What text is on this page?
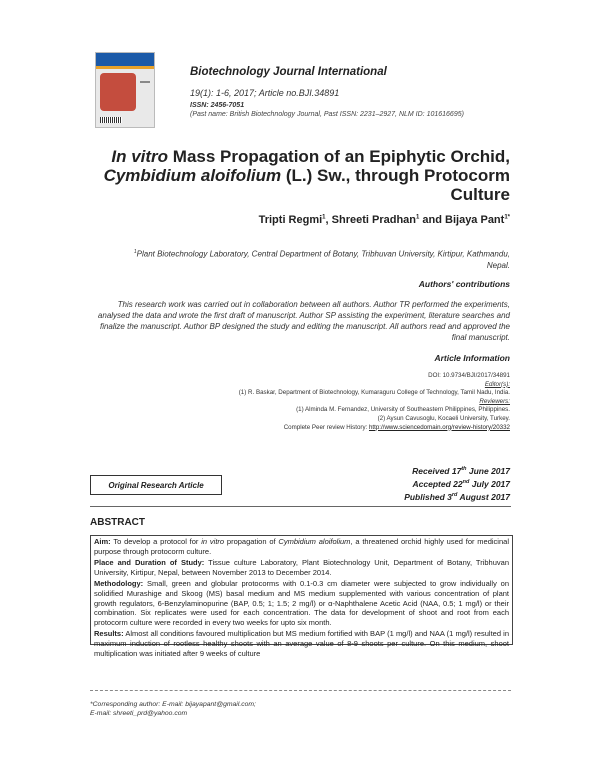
Biotechnology Journal International
19(1): 1-6, 2017; Article no.BJI.34891
ISSN: 2456-7051
(Past name: British Biotechnology Journal, Past ISSN: 2231–2927, NLM ID: 101616695)
In vitro Mass Propagation of an Epiphytic Orchid,
Cymbidium aloifolium (L.) Sw., through Protocorm
Culture
Tripti Regmi$^1$, Shreeti Pradhan$^1$ and Bijaya Pant$^{1*}$
$^1$Plant Biotechnology Laboratory, Central Department of Botany, Tribhuvan University, Kirtipur, Kathmandu, Nepal.
Authors' contributions
This research work was carried out in collaboration between all authors. Author TR performed the experiments, analysed the data and wrote the first draft of manuscript. Author SP assisting the experiment, literature searches and finalize the manuscript. Author BP designed the study and editing the manuscript. All authors read and approved the final manuscript.
Article Information
DOI: 10.9734/BJI/2017/34891
Editor(s):
(1) R. Baskar, Department of Biotechnology, Kumaraguru College of Technology, Tamil Nadu, India.
Reviewers:
(1) Alminda M. Fernandez, University of Southeastern Philippines, Philippines.
(2) Aysun Cavusoglu, Kocaeli University, Turkey.
Complete Peer review History: http://www.sciencedomain.org/review-history/20332
Received 17th June 2017
Accepted 22nd July 2017
Published 3rd August 2017
Original Research Article
ABSTRACT

Aim: To develop a protocol for in vitro propagation of Cymbidium aloifolium, a threatened orchid highly used for medicinal purpose through protocorm culture.

Place and Duration of Study: Tissue culture Laboratory, Plant Biotechnology Unit, Department of Botany, Tribhuvan University, Kirtipur, Nepal, between November 2013 to December 2014.

Methodology: Small, green and globular protocorms with 0.1-0.3 cm diameter were subjected to grow individually on solidified Murashige and Skoog (MS) basal medium and MS medium supplemented with various concentration of plant growth regulators, 6-Benzylaminopurine (BAP, 0.5; 1; 1.5; 2 mg/l) or α-Naphthalene Acetic Acid (NAA, 0.5; 1 mg/l) or their combination. Six replicates were used for each concentration. The data for development of shoot and root from each protocorm culture were recorded in every two weeks for upto six month.

Results: Almost all conditions favoured multiplication but MS medium fortified with BAP (1 mg/l) and NAA (1 mg/l) resulted in maximum induction of rootless healthy shoots with an average value of 8-9 shoots per culture. On this medium, shoot multiplication was initiated after 9 weeks of culture

*Corresponding author: E-mail: bijayapant@gmail.com;
E-mail: shreeti_prd@yahoo.com
